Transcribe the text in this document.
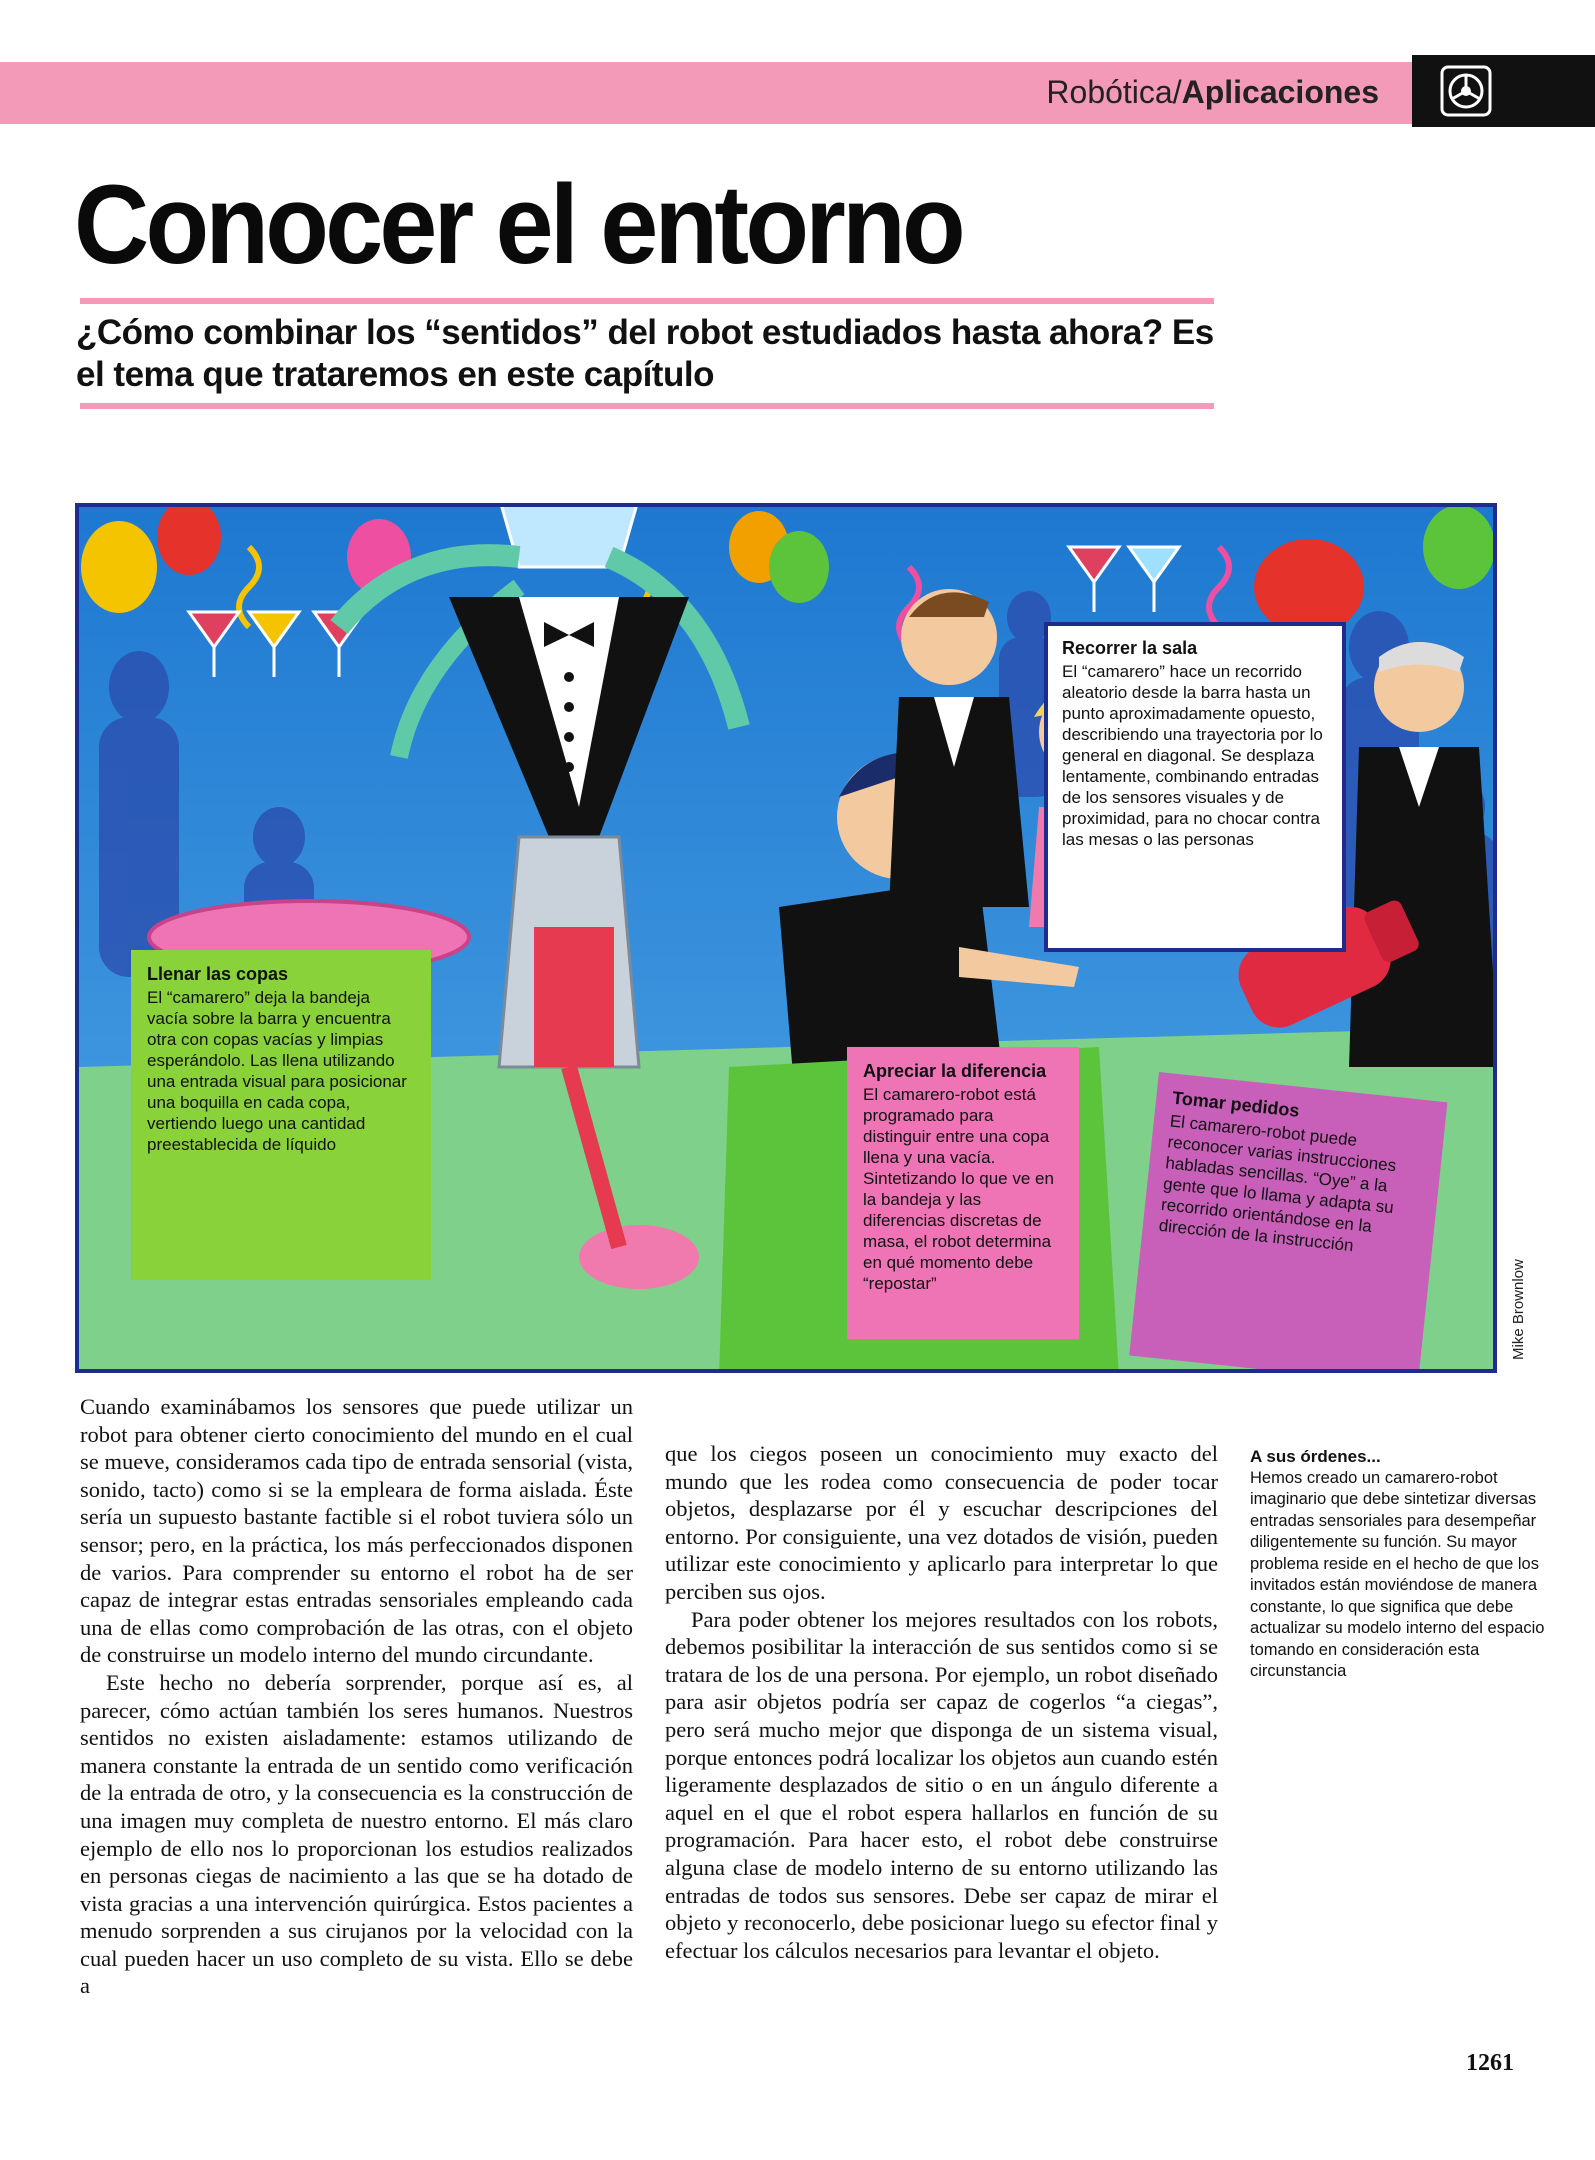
Robótica/Aplicaciones
Conocer el entorno

¿Cómo combinar los “sentidos” del robot estudiados hasta ahora? Es el tema que trataremos en este capítulo

Llenar las copas

El “camarero” deja la bandeja vacía sobre la barra y encuentra otra con copas vacías y limpias esperándolo. Las llena utilizando una entrada visual para posicionar una boquilla en cada copa, vertiendo luego una cantidad preestablecida de líquido

Recorrer la sala

El “camarero” hace un recorrido aleatorio desde la barra hasta un punto aproximadamente opuesto, describiendo una trayectoria por lo general en diagonal. Se desplaza lentamente, combinando entradas de los sensores visuales y de proximidad, para no chocar contra las mesas o las personas

Apreciar la diferencia

El camarero-robot está programado para distinguir entre una copa llena y una vacía. Sintetizando lo que ve en la bandeja y las diferencias discretas de masa, el robot determina en qué momento debe “repostar”

Tomar pedidos

El camarero-robot puede reconocer varias instrucciones habladas sencillas. “Oye” a la gente que lo llama y adapta su recorrido orientándose en la dirección de la instrucción

Mike Brownlow

Cuando examinábamos los sensores que puede utilizar un robot para obtener cierto conocimiento del mundo en el cual se mueve, consideramos cada tipo de entrada sensorial (vista, sonido, tacto) como si se la empleara de forma aislada. Éste sería un supuesto bastante factible si el robot tuviera sólo un sensor; pero, en la práctica, los más perfeccionados disponen de varios. Para comprender su entorno el robot ha de ser capaz de integrar estas entradas sensoriales empleando cada una de ellas como comprobación de las otras, con el objeto de construirse un modelo interno del mundo circundante.

Este hecho no debería sorprender, porque así es, al parecer, cómo actúan también los seres humanos. Nuestros sentidos no existen aisladamente: estamos utilizando de manera constante la entrada de un sentido como verificación de la entrada de otro, y la consecuencia es la construcción de una imagen muy completa de nuestro entorno. El más claro ejemplo de ello nos lo proporcionan los estudios realizados en personas ciegas de nacimiento a las que se ha dotado de vista gracias a una intervención quirúrgica. Estos pacientes a menudo sorprenden a sus cirujanos por la velocidad con la cual pueden hacer un uso completo de su vista. Ello se debe a

que los ciegos poseen un conocimiento muy exacto del mundo que les rodea como consecuencia de poder tocar objetos, desplazarse por él y escuchar descripciones del entorno. Por consiguiente, una vez dotados de visión, pueden utilizar este conocimiento y aplicarlo para interpretar lo que perciben sus ojos.

Para poder obtener los mejores resultados con los robots, debemos posibilitar la interacción de sus sentidos como si se tratara de los de una persona. Por ejemplo, un robot diseñado para asir objetos podría ser capaz de cogerlos “a ciegas”, pero será mucho mejor que disponga de un sistema visual, porque entonces podrá localizar los objetos aun cuando estén ligeramente desplazados de sitio o en un ángulo diferente a aquel en el que el robot espera hallarlos en función de su programación. Para hacer esto, el robot debe construirse alguna clase de modelo interno de su entorno utilizando las entradas de todos sus sensores. Debe ser capaz de mirar el objeto y reconocerlo, debe posicionar luego su efector final y efectuar los cálculos necesarios para levantar el objeto.

A sus órdenes...

Hemos creado un camarero-robot imaginario que debe sintetizar diversas entradas sensoriales para desempeñar diligentemente su función. Su mayor problema reside en el hecho de que los invitados están moviéndose de manera constante, lo que significa que debe actualizar su modelo interno del espacio tomando en consideración esta circunstancia

1261
